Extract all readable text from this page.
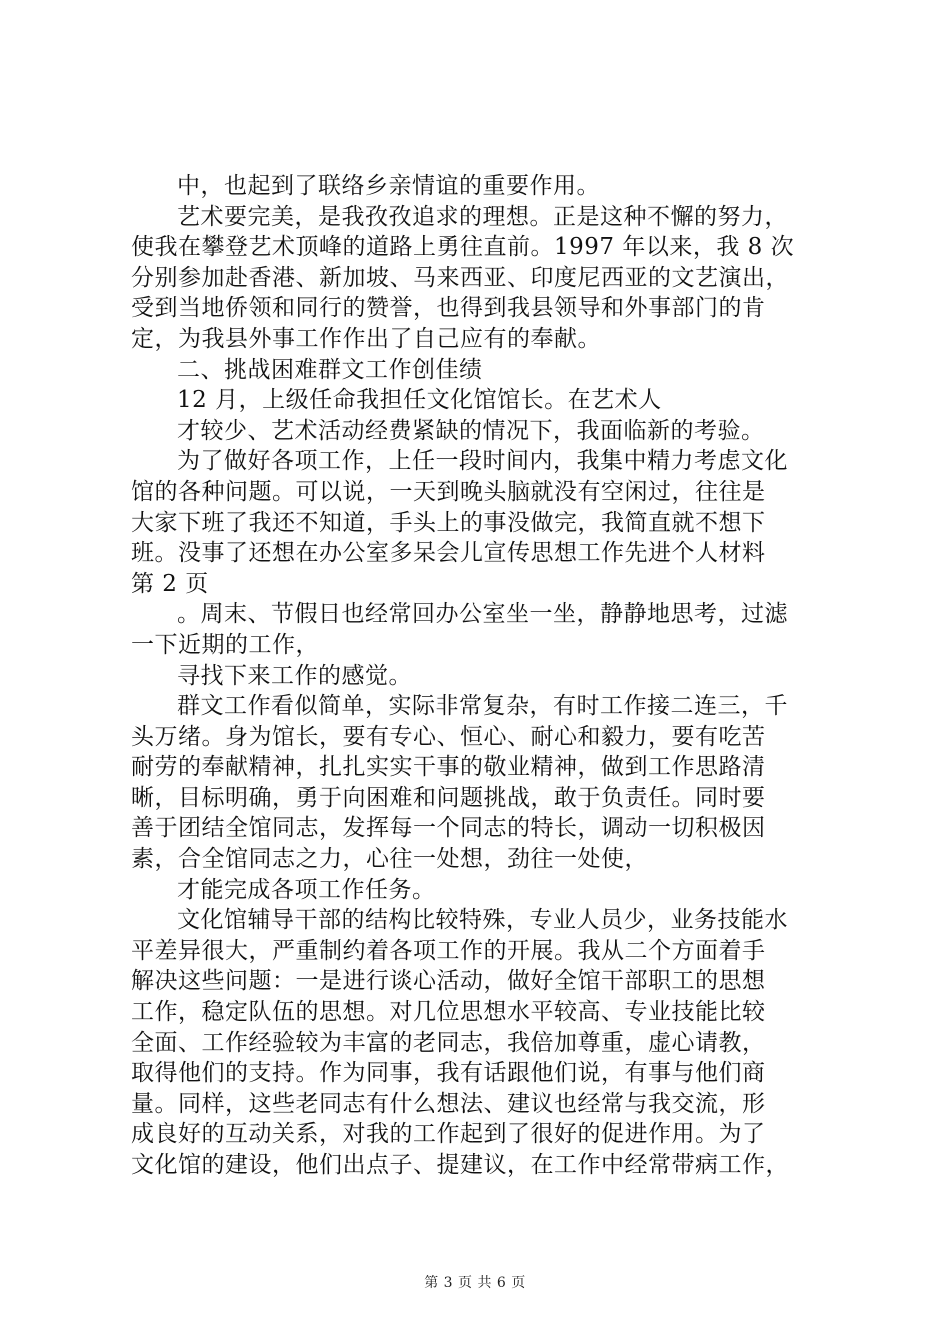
中，也起到了联络乡亲情谊的重要作用。
艺术要完美，是我孜孜追求的理想。正是这种不懈的努力，
使我在攀登艺术顶峰的道路上勇往直前。1997 年以来，我 8 次
分别参加赴香港、新加坡、马来西亚、印度尼西亚的文艺演出，
受到当地侨领和同行的赞誉，也得到我县领导和外事部门的肯
定，为我县外事工作作出了自己应有的奉献。
二、挑战困难群文工作创佳绩
12 月，上级任命我担任文化馆馆长。在艺术人
才较少、艺术活动经费紧缺的情况下，我面临新的考验。
为了做好各项工作，上任一段时间内，我集中精力考虑文化
馆的各种问题。可以说，一天到晚头脑就没有空闲过，往往是
大家下班了我还不知道，手头上的事没做完，我简直就不想下
班。没事了还想在办公室多呆会儿宣传思想工作先进个人材料
第 2 页
。周末、节假日也经常回办公室坐一坐，静静地思考，过滤
一下近期的工作，
寻找下来工作的感觉。
群文工作看似简单，实际非常复杂，有时工作接二连三，千
头万绪。身为馆长，要有专心、恒心、耐心和毅力，要有吃苦
耐劳的奉献精神，扎扎实实干事的敬业精神，做到工作思路清
晰，目标明确，勇于向困难和问题挑战，敢于负责任。同时要
善于团结全馆同志，发挥每一个同志的特长，调动一切积极因
素，合全馆同志之力，心往一处想，劲往一处使，
才能完成各项工作任务。
文化馆辅导干部的结构比较特殊，专业人员少，业务技能水
平差异很大，严重制约着各项工作的开展。我从二个方面着手
解决这些问题：一是进行谈心活动，做好全馆干部职工的思想
工作，稳定队伍的思想。对几位思想水平较高、专业技能比较
全面、工作经验较为丰富的老同志，我倍加尊重，虚心请教，
取得他们的支持。作为同事，我有话跟他们说，有事与他们商
量。同样，这些老同志有什么想法、建议也经常与我交流，形
成良好的互动关系，对我的工作起到了很好的促进作用。为了
文化馆的建设，他们出点子、提建议，在工作中经常带病工作，
第 3 页 共 6 页
